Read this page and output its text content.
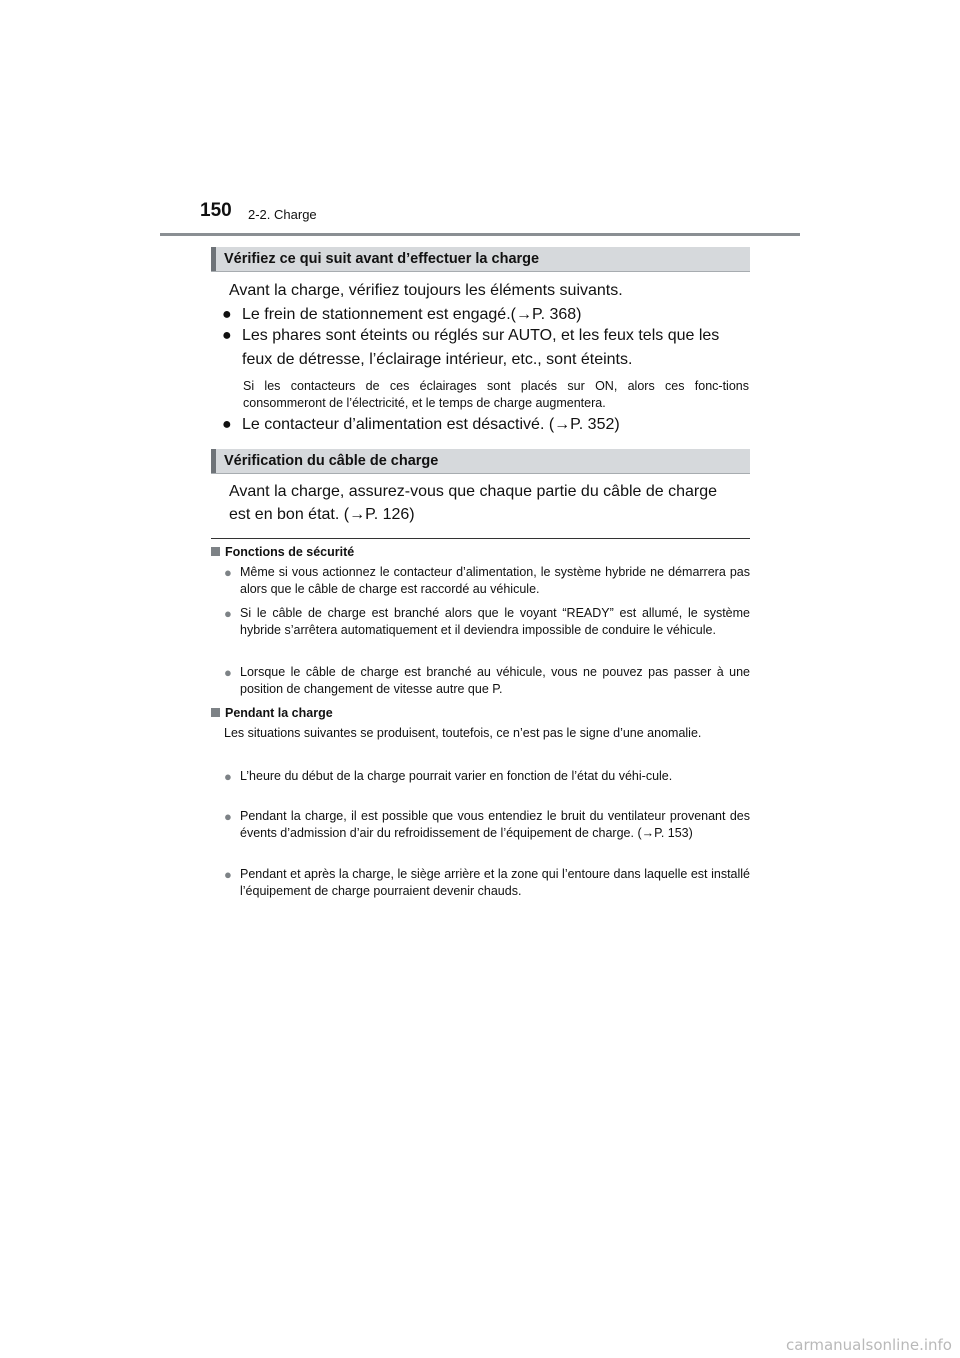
150 2-2. Charge
Vérifiez ce qui suit avant d’effectuer la charge
Avant la charge, vérifiez toujours les éléments suivants.
● Le frein de stationnement est engagé.(→P. 368)
● Les phares sont éteints ou réglés sur AUTO, et les feux tels que les
feux de détresse, l’éclairage intérieur, etc., sont éteints.
Si les contacteurs de ces éclairages sont placés sur ON, alors ces fonc-tions consommeront de l’électricité, et le temps de charge augmentera.
● Le contacteur d’alimentation est désactivé. (→P. 352)
Vérification du câble de charge
Avant la charge, assurez-vous que chaque partie du câble de charge
est en bon état. (→P. 126)
Fonctions de sécurité
● Même si vous actionnez le contacteur d’alimentation, le système hybride ne démarrera pas alors que le câble de charge est raccordé au véhicule.
● Si le câble de charge est branché alors que le voyant “READY” est allumé, le système hybride s’arrêtera automatiquement et il deviendra impossible de conduire le véhicule.
● Lorsque le câble de charge est branché au véhicule, vous ne pouvez pas passer à une position de changement de vitesse autre que P.
Pendant la charge
Les situations suivantes se produisent, toutefois, ce n’est pas le signe d’une anomalie.
● L’heure du début de la charge pourrait varier en fonction de l’état du véhi-cule.
● Pendant la charge, il est possible que vous entendiez le bruit du ventilateur provenant des évents d’admission d’air du refroidissement de l’équipement de charge. (→P. 153)
● Pendant et après la charge, le siège arrière et la zone qui l’entoure dans laquelle est installé l’équipement de charge pourraient devenir chauds.
carmanualsonline.info
